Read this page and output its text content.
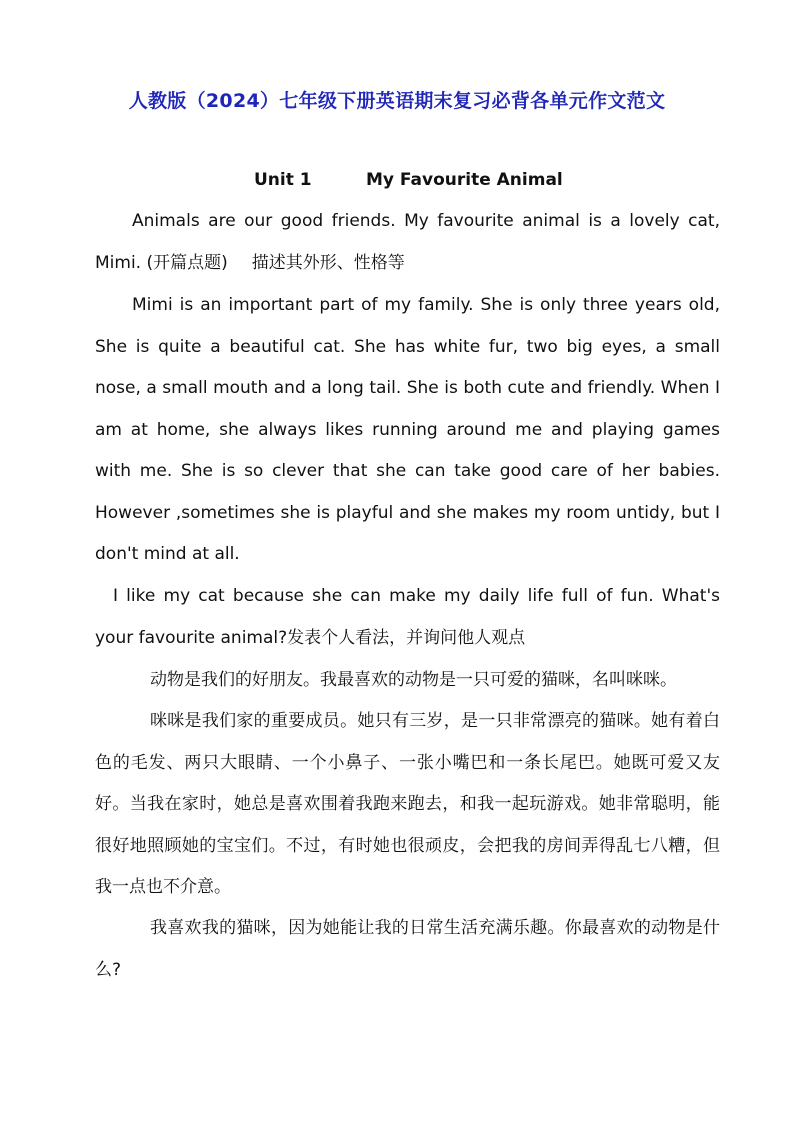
人教版（2024）七年级下册英语期末复习必背各单元作文范文
Unit 1	My Favourite Animal
Animals are our good friends. My favourite animal is a lovely cat, Mimi. (开篇点题) 描述其外形、性格等
Mimi is an important part of my family. She is only three years old, She is quite a beautiful cat. She has white fur, two big eyes, a small nose, a small mouth and a long tail. She is both cute and friendly. When I am at home, she always likes running around me and playing games with me. She is so clever that she can take good care of her babies. However ,sometimes she is playful and she makes my room untidy, but I don't mind at all.
I like my cat because she can make my daily life full of fun. What's your favourite animal?发表个人看法，并询问他人观点
动物是我们的好朋友。我最喜欢的动物是一只可爱的猫咪，名叫咪咪。
咪咪是我们家的重要成员。她只有三岁，是一只非常漂亮的猫咪。她有着白色的毛发、两只大眼睛、一个小鼻子、一张小嘴巴和一条长尾巴。她既可爱又友好。当我在家时，她总是喜欢围着我跑来跑去，和我一起玩游戏。她非常聪明，能很好地照顾她的宝宝们。不过，有时她也很顽皮，会把我的房间弄得乱七八糟，但我一点也不介意。
我喜欢我的猫咪，因为她能让我的日常生活充满乐趣。你最喜欢的动物是什么?
